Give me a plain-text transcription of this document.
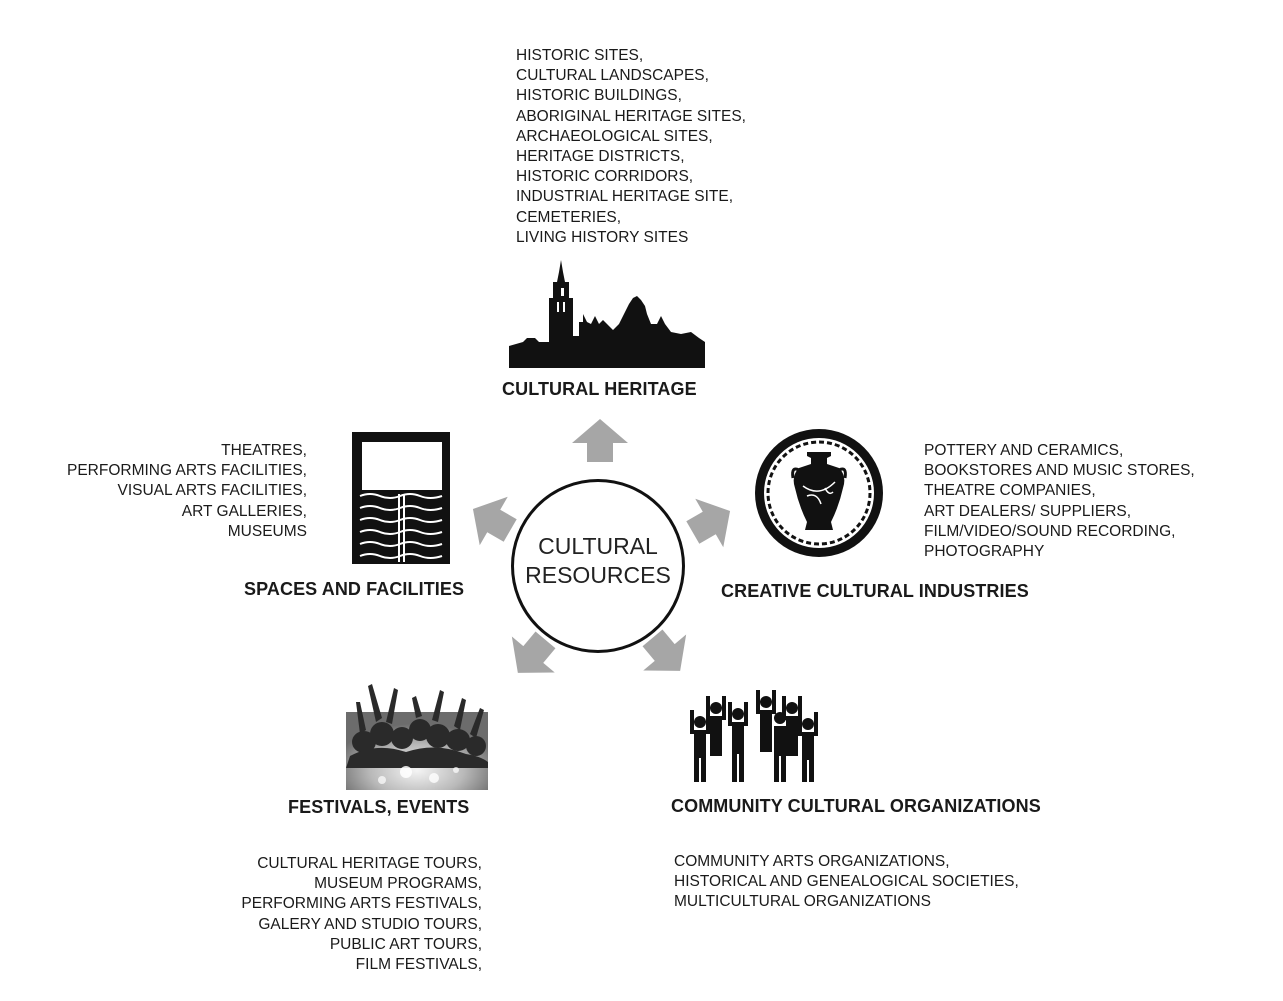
HISTORIC SITES,
CULTURAL LANDSCAPES,
HISTORIC BUILDINGS,
ABORIGINAL HERITAGE SITES,
ARCHAEOLOGICAL SITES,
HERITAGE DISTRICTS,
HISTORIC CORRIDORS,
INDUSTRIAL HERITAGE SITE,
CEMETERIES,
LIVING HISTORY SITES
CULTURAL HERITAGE
THEATRES,
PERFORMING ARTS FACILITIES,
VISUAL ARTS FACILITIES,
ART GALLERIES,
MUSEUMS
SPACES AND FACILITIES
POTTERY AND CERAMICS,
BOOKSTORES AND MUSIC STORES,
THEATRE COMPANIES,
ART DEALERS/ SUPPLIERS,
FILM/VIDEO/SOUND RECORDING,
PHOTOGRAPHY
CREATIVE CULTURAL INDUSTRIES
CULTURAL
RESOURCES
FESTIVALS, EVENTS
CULTURAL HERITAGE TOURS,
MUSEUM PROGRAMS,
PERFORMING ARTS FESTIVALS,
GALERY AND STUDIO TOURS,
PUBLIC ART TOURS,
FILM FESTIVALS,
COMMUNITY CULTURAL ORGANIZATIONS
COMMUNITY ARTS ORGANIZATIONS,
HISTORICAL AND GENEALOGICAL SOCIETIES,
MULTICULTURAL ORGANIZATIONS
